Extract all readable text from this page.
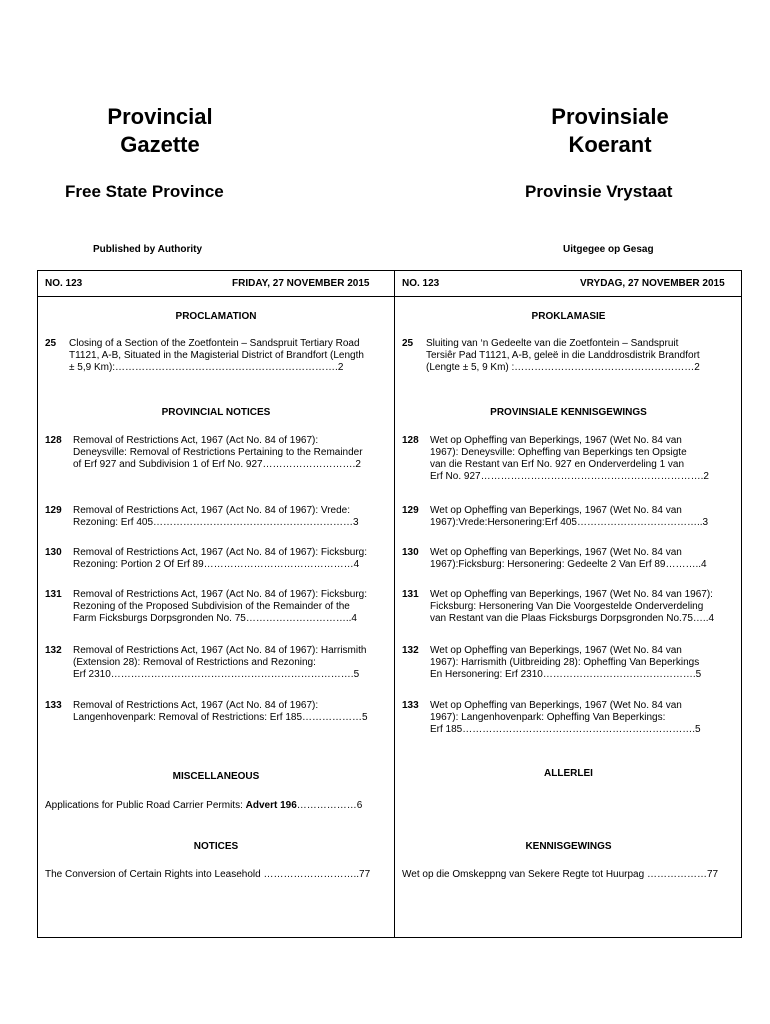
Provincial
Gazette
Provinsiale
Koerant
Free State Province	Provinsie Vrystaat
Published by Authority	Uitgegee op Gesag
NO. 123	FRIDAY, 27 NOVEMBER 2015	NO. 123	VRYDAG, 27 NOVEMBER 2015
PROCLAMATION
25	Closing of a Section of the Zoetfontein – Sandspruit Tertiary Road
T1121, A-B, Situated in the Magisterial District of Brandfort (Length
± 5,9 Km):………………………………………………………….2
PROVINCIAL NOTICES
128	Removal of Restrictions Act, 1967 (Act No. 84 of 1967):
Deneysville: Removal of Restrictions Pertaining to the Remainder
of Erf 927 and Subdivision 1 of Erf No. 927……………………….2
129	Removal of Restrictions Act, 1967 (Act No. 84 of 1967): Vrede:
Rezoning: Erf 405……………………………………………………3
130	Removal of Restrictions Act, 1967 (Act No. 84 of 1967): Ficksburg:
Rezoning: Portion 2 Of Erf 89………………………………………4
131	Removal of Restrictions Act, 1967 (Act No. 84 of 1967): Ficksburg:
Rezoning of the Proposed Subdivision of the Remainder of the
Farm Ficksburgs Dorpsgronden No. 75…………………………..4
132	Removal of Restrictions Act, 1967 (Act No. 84 of 1967): Harrismith
(Extension 28): Removal of Restrictions and Rezoning:
Erf 2310……………………………………………………………….5
133	Removal of Restrictions Act, 1967 (Act No. 84 of 1967):
Langenhovenpark: Removal of Restrictions: Erf 185………………5
MISCELLANEOUS
Applications for Public Road Carrier Permits: Advert 196………………6
NOTICES
The Conversion of Certain Rights into Leasehold ………………………..77
PROKLAMASIE
25	Sluiting van ‘n Gedeelte van die Zoetfontein – Sandspruit
Tersiêr Pad T1121, A-B, geleë in die Landdrosdistrik Brandfort
(Lengte ± 5, 9 Km) :………………………………………………2
PROVINSIALE KENNISGEWINGS
128	Wet op Opheffing van Beperkings, 1967 (Wet No. 84 van
1967): Deneysville: Opheffing van Beperkings ten Opsigte
van die Restant van Erf No. 927 en Onderverdeling 1 van
Erf No. 927………………………………………………………….2
129	Wet op Opheffing van Beperkings, 1967 (Wet No. 84 van
1967):Vrede:Hersonering:Erf 405………………………………..3
130	Wet op Opheffing van Beperkings, 1967 (Wet No. 84 van
1967):Ficksburg: Hersonering: Gedeelte 2 Van Erf 89………..4
131	Wet op Opheffing van Beperkings, 1967 (Wet No. 84 van 1967):
Ficksburg: Hersonering Van Die Voorgestelde Onderverdeling
van Restant van die Plaas Ficksburgs Dorpsgronden No.75…..4
132	Wet op Opheffing van Beperkings, 1967 (Wet No. 84 van
1967): Harrismith (Uitbreiding 28): Opheffing Van Beperkings
En Hersonering: Erf 2310……………………………………….5
133	Wet op Opheffing van Beperkings, 1967 (Wet No. 84 van
1967): Langenhovenpark: Opheffing Van Beperkings:
Erf 185…………………………………………………………….5
ALLERLEI
KENNISGEWINGS
Wet op die Omskeppng van Sekere Regte tot Huurpag ………………77
